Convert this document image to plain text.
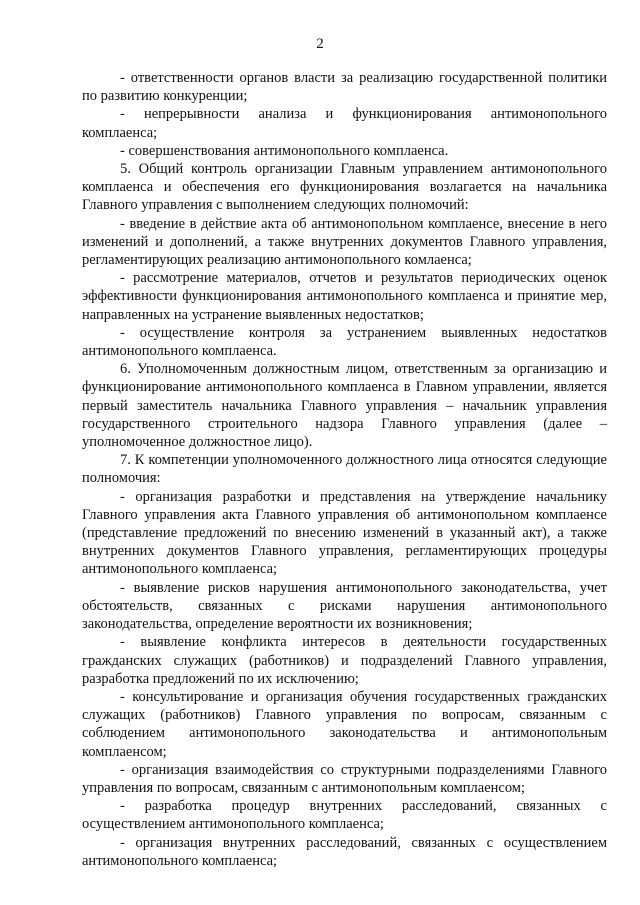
2

- ответственности органов власти за реализацию государственной политики по развитию конкуренции;

- непрерывности анализа и функционирования антимонопольного комплаенса;

- совершенствования антимонопольного комплаенса.

5. Общий контроль организации Главным управлением антимонопольного комплаенса и обеспечения его функционирования возлагается на начальника Главного управления с выполнением следующих полномочий:

- введение в действие акта об антимонопольном комплаенсе, внесение в него изменений и дополнений, а также внутренних документов Главного управления, регламентирующих реализацию антимонопольного комлаенса;

- рассмотрение материалов, отчетов и результатов периодических оценок эффективности функционирования антимонопольного комплаенса и принятие мер, направленных на устранение выявленных недостатков;

- осуществление контроля за устранением выявленных недостатков антимонопольного комплаенса.

6. Уполномоченным должностным лицом, ответственным за организацию и функционирование антимонопольного комплаенса в Главном управлении, является первый заместитель начальника Главного управления – начальник управления государственного строительного надзора Главного управления (далее – уполномоченное должностное лицо).

7. К компетенции уполномоченного должностного лица относятся следующие полномочия:

- организация разработки и представления на утверждение начальнику Главного управления акта Главного управления об антимонопольном комплаенсе (представление предложений по внесению изменений в указанный акт), а также внутренних документов Главного управления, регламентирующих процедуры антимонопольного комплаенса;

- выявление рисков нарушения антимонопольного законодательства, учет обстоятельств, связанных с рисками нарушения антимонопольного законодательства, определение вероятности их возникновения;

- выявление конфликта интересов в деятельности государственных гражданских служащих (работников) и подразделений Главного управления, разработка предложений по их исключению;

- консультирование и организация обучения государственных гражданских служащих (работников) Главного управления по вопросам, связанным с соблюдением антимонопольного законодательства и антимонопольным комплаенсом;

- организация взаимодействия со структурными подразделениями Главного управления по вопросам, связанным с антимонопольным комплаенсом;

- разработка процедур внутренних расследований, связанных с осуществлением антимонопольного комплаенса;

- организация внутренних расследований, связанных с осуществлением антимонопольного комплаенса;
